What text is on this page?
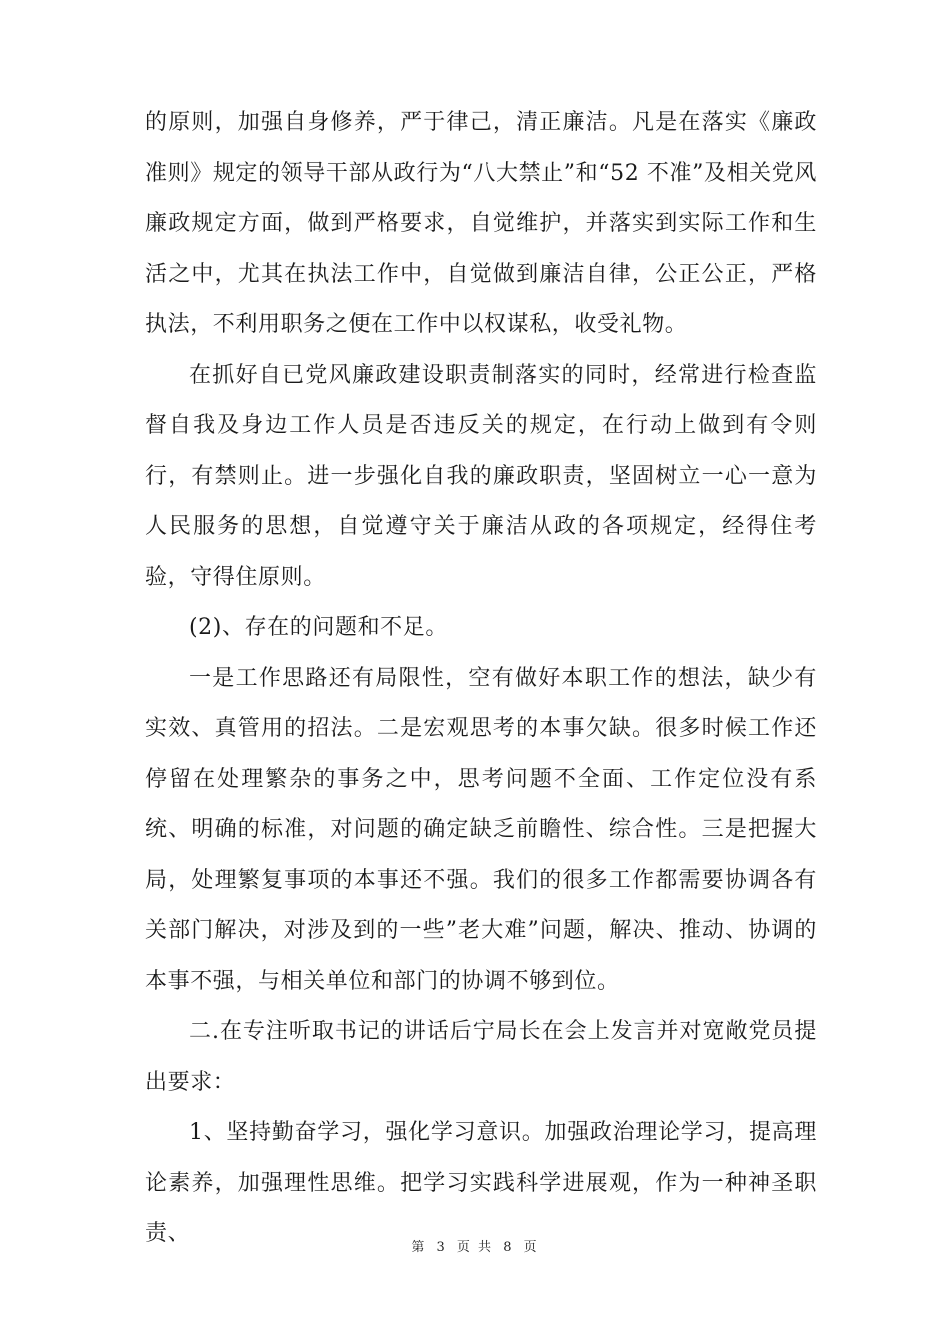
的原则，加强自身修养，严于律己，清正廉洁。凡是在落实《廉政准则》规定的领导干部从政行为“八大禁止”和“52 不准”及相关党风廉政规定方面，做到严格要求，自觉维护，并落实到实际工作和生活之中，尤其在执法工作中，自觉做到廉洁自律，公正公正，严格执法，不利用职务之便在工作中以权谋私，收受礼物。

在抓好自已党风廉政建设职责制落实的同时，经常进行检查监督自我及身边工作人员是否违反关的规定，在行动上做到有令则行，有禁则止。进一步强化自我的廉政职责，坚固树立一心一意为人民服务的思想，自觉遵守关于廉洁从政的各项规定，经得住考验，守得住原则。

(2)、存在的问题和不足。

一是工作思路还有局限性，空有做好本职工作的想法，缺少有实效、真管用的招法。二是宏观思考的本事欠缺。很多时候工作还停留在处理繁杂的事务之中，思考问题不全面、工作定位没有系统、明确的标准，对问题的确定缺乏前瞻性、综合性。三是把握大局，处理繁复事项的本事还不强。我们的很多工作都需要协调各有关部门解决，对涉及到的一些”老大难”问题，解决、推动、协调的本事不强，与相关单位和部门的协调不够到位。

二.在专注听取书记的讲话后宁局长在会上发言并对宽敞党员提出要求：

1、坚持勤奋学习，强化学习意识。加强政治理论学习，提高理论素养，加强理性思维。把学习实践科学进展观，作为一种神圣职责、

第 3 页 共 8 页
